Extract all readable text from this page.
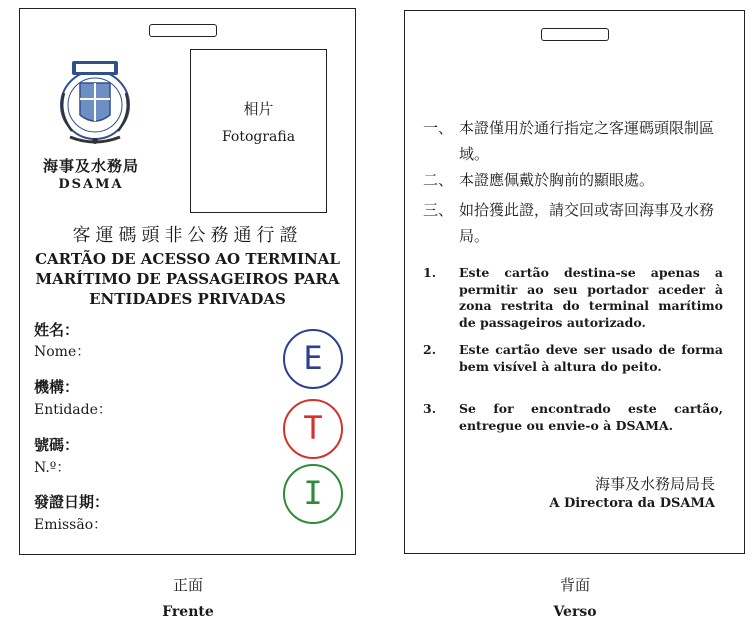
海事及水務局
DSAMA
相片
Fotografia
客運碼頭非公務通行證
CARTÃO DE ACESSO AO TERMINAL
MARÍTIMO DE PASSAGEIROS PARA
ENTIDADES PRIVADAS
姓名：
Nome：
機構：
Entidade：
號碼：
N.º：
發證日期：
Emissão：
E
T
I
一、 本證僅用於通行指定之客運碼頭限制區域。
二、 本證應佩戴於胸前的顯眼處。
三、 如拾獲此證，請交回或寄回海事及水務局。
1. Este cartão destina-se apenas a permitir ao seu portador aceder à zona restrita do terminal marítimo de passageiros autorizado.
2. Este cartão deve ser usado de forma bem visível à altura do peito.
3. Se for encontrado este cartão, entregue ou envie-o à DSAMA.
海事及水務局局長
A Directora da DSAMA
正面
Frente
背面
Verso
